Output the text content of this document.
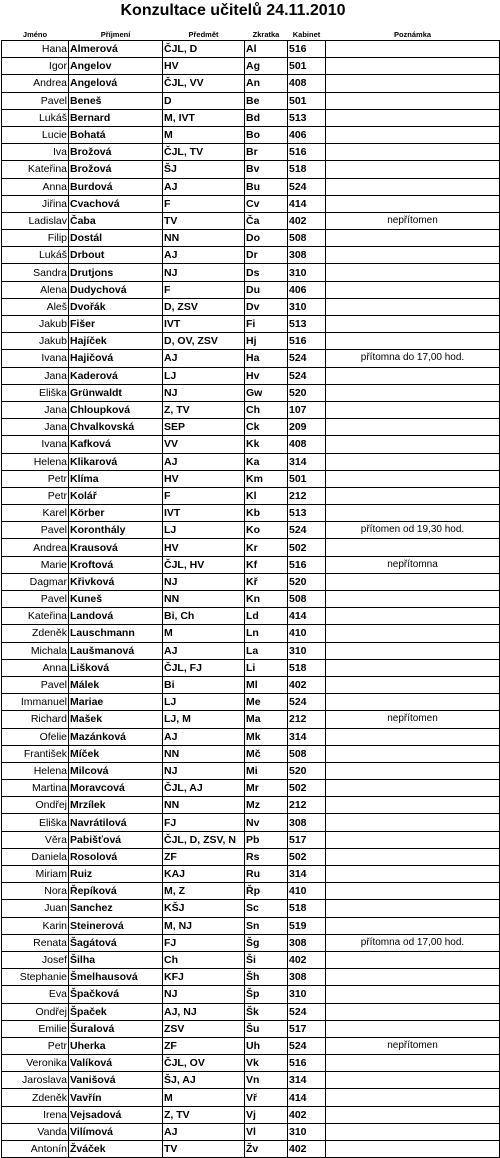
Konzultace učitelů 24.11.2010
Jméno	Příjmení	Předmět	Zkratka	Kabinet	Poznámka
Hana	Almerová	ČJL, D	Al	516	
Igor	Angelov	HV	Ag	501	
Andrea	Angelová	ČJL, VV	An	408	
Pavel	Beneš	D	Be	501	
Lukáš	Bernard	M, IVT	Bd	513	
Lucie	Bohatá	M	Bo	406	
Iva	Brožová	ČJL, TV	Br	516	
Kateřina	Brožová	ŠJ	Bv	518	
Anna	Burdová	AJ	Bu	524	
Jiřina	Cvachová	F	Cv	414	
Ladislav	Čaba	TV	Ča	402	nepřítomen
Filip	Dostál	NN	Do	508	
Lukáš	Drbout	AJ	Dr	308	
Sandra	Drutjons	NJ	Ds	310	
Alena	Dudychová	F	Du	406	
Aleš	Dvořák	D, ZSV	Dv	310	
Jakub	Fišer	IVT	Fi	513	
Jakub	Hajíček	D, OV, ZSV	Hj	516	
Ivana	Hajičová	AJ	Ha	524	přítomna do 17,00 hod.
Jana	Kaderová	LJ	Hv	524	
Eliška	Grünwaldt	NJ	Gw	520	
Jana	Chloupková	Z, TV	Ch	107	
Jana	Chvalkovská	SEP	Ck	209	
Ivana	Kafková	VV	Kk	408	
Helena	Klikarová	AJ	Ka	314	
Petr	Klíma	HV	Km	501	
Petr	Kolář	F	Kl	212	
Karel	Körber	IVT	Kb	513	
Pavel	Koronthály	LJ	Ko	524	přítomen od 19,30 hod.
Andrea	Krausová	HV	Kr	502	
Marie	Kroftová	ČJL, HV	Kf	516	nepřítomna
Dagmar	Křivková	NJ	Kř	520	
Pavel	Kuneš	NN	Kn	508	
Kateřina	Landová	Bi, Ch	Ld	414	
Zdeněk	Lauschmann	M	Ln	410	
Michala	Laušmanová	AJ	La	310	
Anna	Lišková	ČJL, FJ	Li	518	
Pavel	Málek	Bi	Ml	402	
Immanuel	Mariae	LJ	Me	524	
Richard	Mašek	LJ, M	Ma	212	nepřítomen
Ofelie	Mazánková	AJ	Mk	314	
František	Míček	NN	Mč	508	
Helena	Milcová	NJ	Mi	520	
Martina	Moravcová	ČJL, AJ	Mr	502	
Ondřej	Mrzílek	NN	Mz	212	
Eliška	Navrátilová	FJ	Nv	308	
Věra	Pabišťová	ČJL, D, ZSV, N	Pb	517	
Daniela	Rosolová	ZF	Rs	502	
Miriam	Ruiz	KAJ	Ru	314	
Nora	Řepíková	M, Z	Řp	410	
Juan	Sanchez	KŠJ	Sc	518	
Karin	Steinerová	M, NJ	Sn	519	
Renata	Šagátová	FJ	Šg	308	přítomna od 17,00 hod.
Josef	Šilha	Ch	Ši	402	
Stephanie	Šmelhausová	KFJ	Šh	308	
Eva	Špačková	NJ	Šp	310	
Ondřej	Špaček	AJ, NJ	Šk	524	
Emilie	Šuralová	ZSV	Šu	517	
Petr	Uherka	ZF	Uh	524	nepřítomen
Veronika	Valíková	ČJL, OV	Vk	516	
Jaroslava	Vanišová	ŠJ, AJ	Vn	314	
Zdeněk	Vavřín	M	Vř	414	
Irena	Vejsadová	Z, TV	Vj	402	
Vanda	Vilímová	AJ	Vl	310	
Antonín	Žváček	TV	Žv	402	
